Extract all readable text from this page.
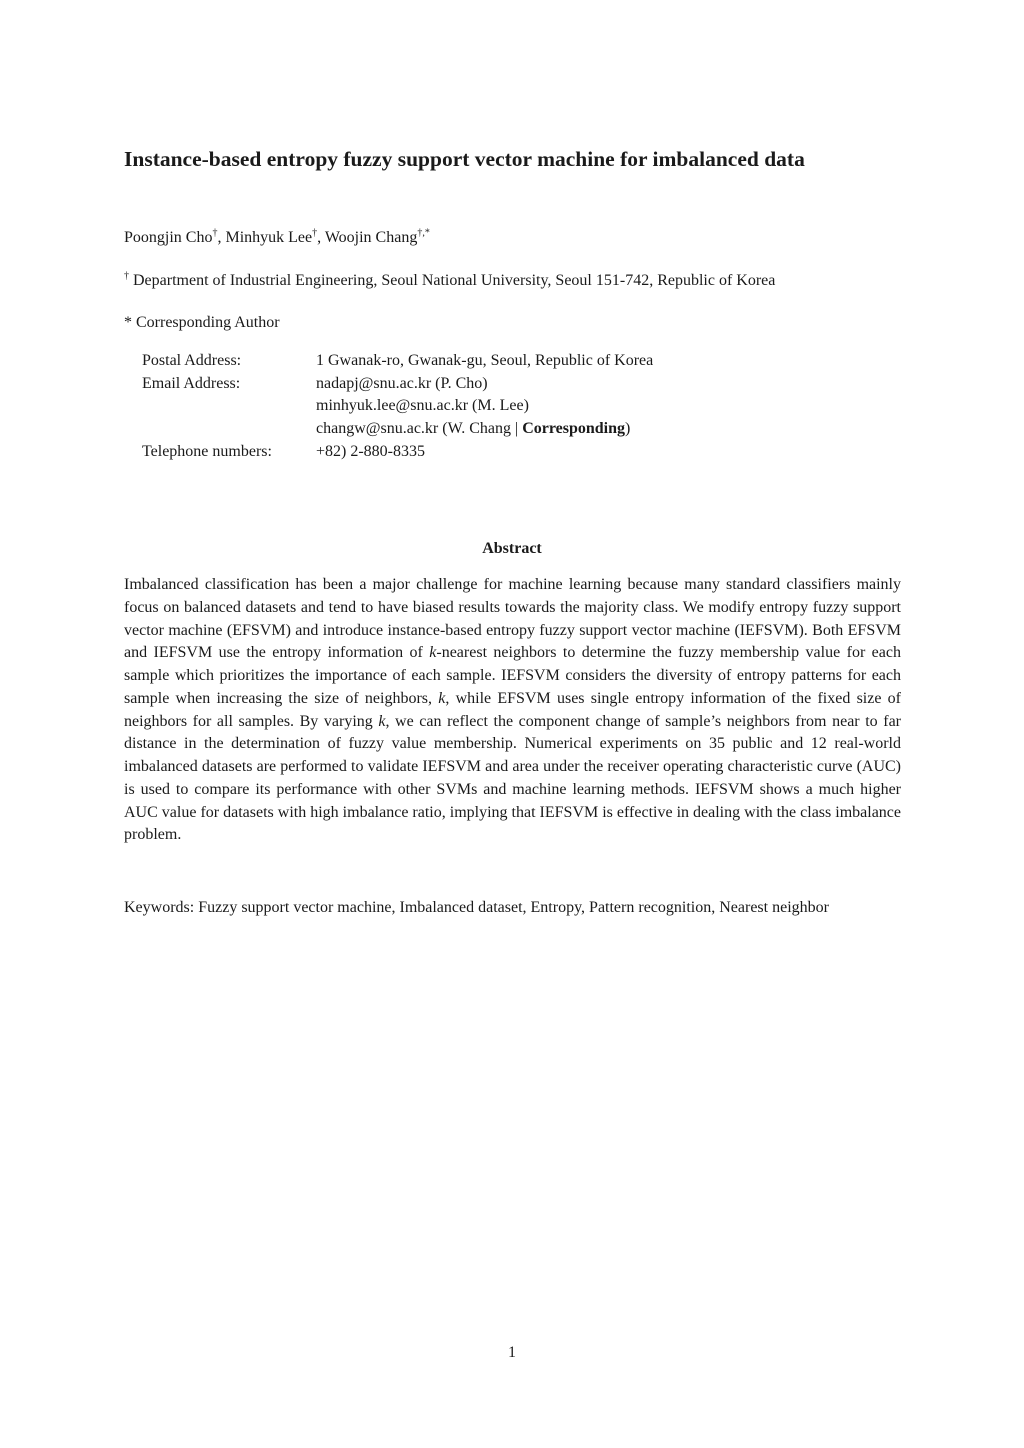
Instance-based entropy fuzzy support vector machine for imbalanced data
Poongjin Cho†, Minhyuk Lee†, Woojin Chang†,*
† Department of Industrial Engineering, Seoul National University, Seoul 151-742, Republic of Korea
* Corresponding Author
Postal Address:	1 Gwanak-ro, Gwanak-gu, Seoul, Republic of Korea
Email Address:	nadapj@snu.ac.kr (P. Cho)
minhyuk.lee@snu.ac.kr (M. Lee)
changw@snu.ac.kr (W. Chang | Corresponding)
Telephone numbers:	+82) 2-880-8335
Abstract

Imbalanced classification has been a major challenge for machine learning because many standard classifiers mainly focus on balanced datasets and tend to have biased results towards the majority class. We modify entropy fuzzy support vector machine (EFSVM) and introduce instance-based entropy fuzzy support vector machine (IEFSVM). Both EFSVM and IEFSVM use the entropy information of k-nearest neighbors to determine the fuzzy membership value for each sample which prioritizes the importance of each sample. IEFSVM considers the diversity of entropy patterns for each sample when increasing the size of neighbors, k, while EFSVM uses single entropy information of the fixed size of neighbors for all samples. By varying k, we can reflect the component change of sample’s neighbors from near to far distance in the determination of fuzzy value membership. Numerical experiments on 35 public and 12 real-world imbalanced datasets are performed to validate IEFSVM and area under the receiver operating characteristic curve (AUC) is used to compare its performance with other SVMs and machine learning methods. IEFSVM shows a much higher AUC value for datasets with high imbalance ratio, implying that IEFSVM is effective in dealing with the class imbalance problem.

Keywords: Fuzzy support vector machine, Imbalanced dataset, Entropy, Pattern recognition, Nearest neighbor
1
